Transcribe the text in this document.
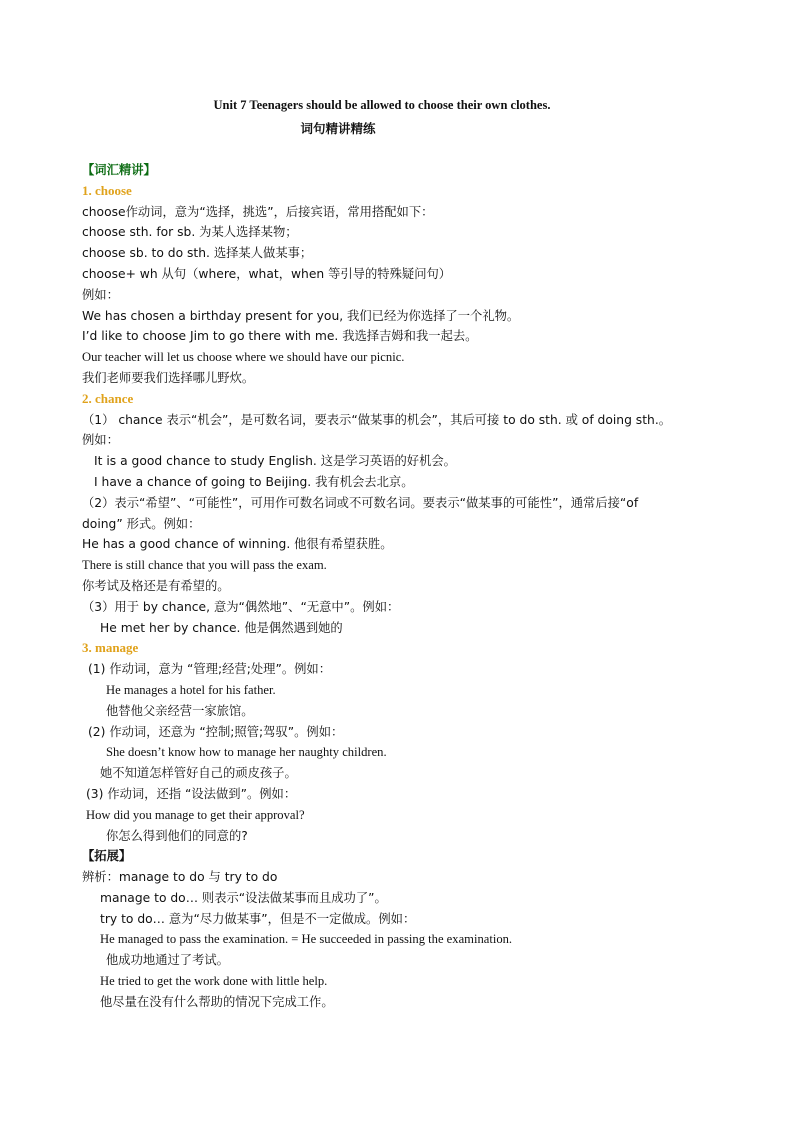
Unit 7 Teenagers should be allowed to choose their own clothes.
词句精讲精练
【词汇精讲】
1. choose
choose作动词，意为“选择，挑选”，后接宾语，常用搭配如下：
choose sth. for sb. 为某人选择某物；
choose sb. to do sth. 选择某人做某事；
choose+ wh 从句（where，what，when 等引导的特殊疑问句）
例如：
We has chosen a birthday present for you, 我们已经为你选择了一个礼物。
I’d like to choose Jim to go there with me. 我选择吉姆和我一起去。
Our teacher will let us choose where we should have our picnic.
我们老师要我们选择哪儿野炊。
2. chance
（1） chance 表示“机会”，是可数名词，要表示“做某事的机会”，其后可接 to do sth. 或 of doing sth.。
例如：
It is a good chance to study English. 这是学习英语的好机会。
I have a chance of going to Beijing. 我有机会去北京。
（2）表示“希望”、“可能性”，可用作可数名词或不可数名词。要表示“做某事的可能性”，通常后接“of
doing” 形式。例如：
He has a good chance of winning. 他很有希望获胜。
There is still chance that you will pass the exam.
你考试及格还是有希望的。
（3）用于 by chance, 意为“偶然地”、“无意中”。例如：
He met her by chance. 他是偶然遇到她的
3. manage
(1) 作动词，意为 “管理;经营;处理”。例如：
He manages a hotel for his father.
他替他父亲经营一家旅馆。
(2) 作动词，还意为 “控制;照管;驾驭”。例如：
She doesn’t know how to manage her naughty children.
她不知道怎样管好自己的顽皮孩子。
(3) 作动词，还指 “设法做到”。例如：
How did you manage to get their approval?
你怎么得到他们的同意的?
【拓展】
辨析：manage to do 与 try to do
manage to do… 则表示“设法做某事而且成功了”。
try to do… 意为“尽力做某事”，但是不一定做成。例如：
He managed to pass the examination. = He succeeded in passing the examination.
他成功地通过了考试。
He tried to get the work done with little help.
他尽量在没有什么帮助的情况下完成工作。
